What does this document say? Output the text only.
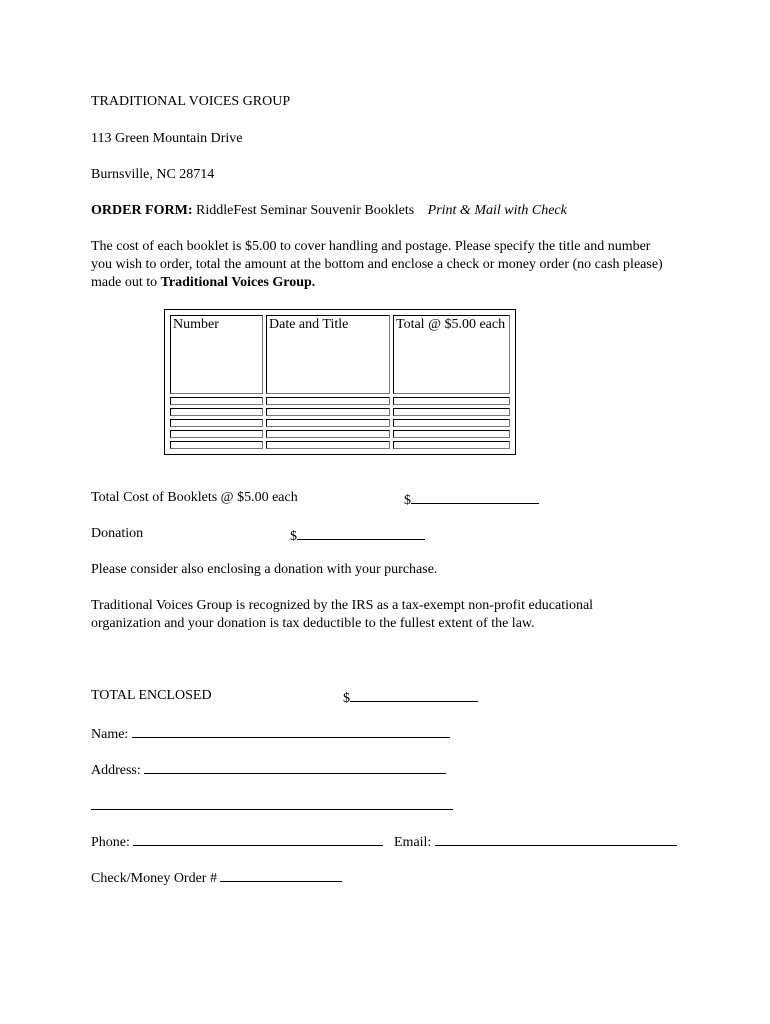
TRADITIONAL VOICES GROUP
113 Green Mountain Drive
Burnsville, NC 28714
ORDER FORM: RiddleFest Seminar Souvenir Booklets Print & Mail with Check
The cost of each booklet is $5.00 to cover handling and postage. Please specify the title and number you wish to order, total the amount at the bottom and enclose a check or money order (no cash please) made out to Traditional Voices Group.
Number	Date and Title	Total @ $5.00 each

Total Cost of Booklets @ $5.00 each	$
Donation	$
Please consider also enclosing a donation with your purchase.
Traditional Voices Group is recognized by the IRS as a tax-exempt non-profit educational organization and your donation is tax deductible to the fullest extent of the law.
TOTAL ENCLOSED	$
Name:
Address:
Phone:	Email:
Check/Money Order #
